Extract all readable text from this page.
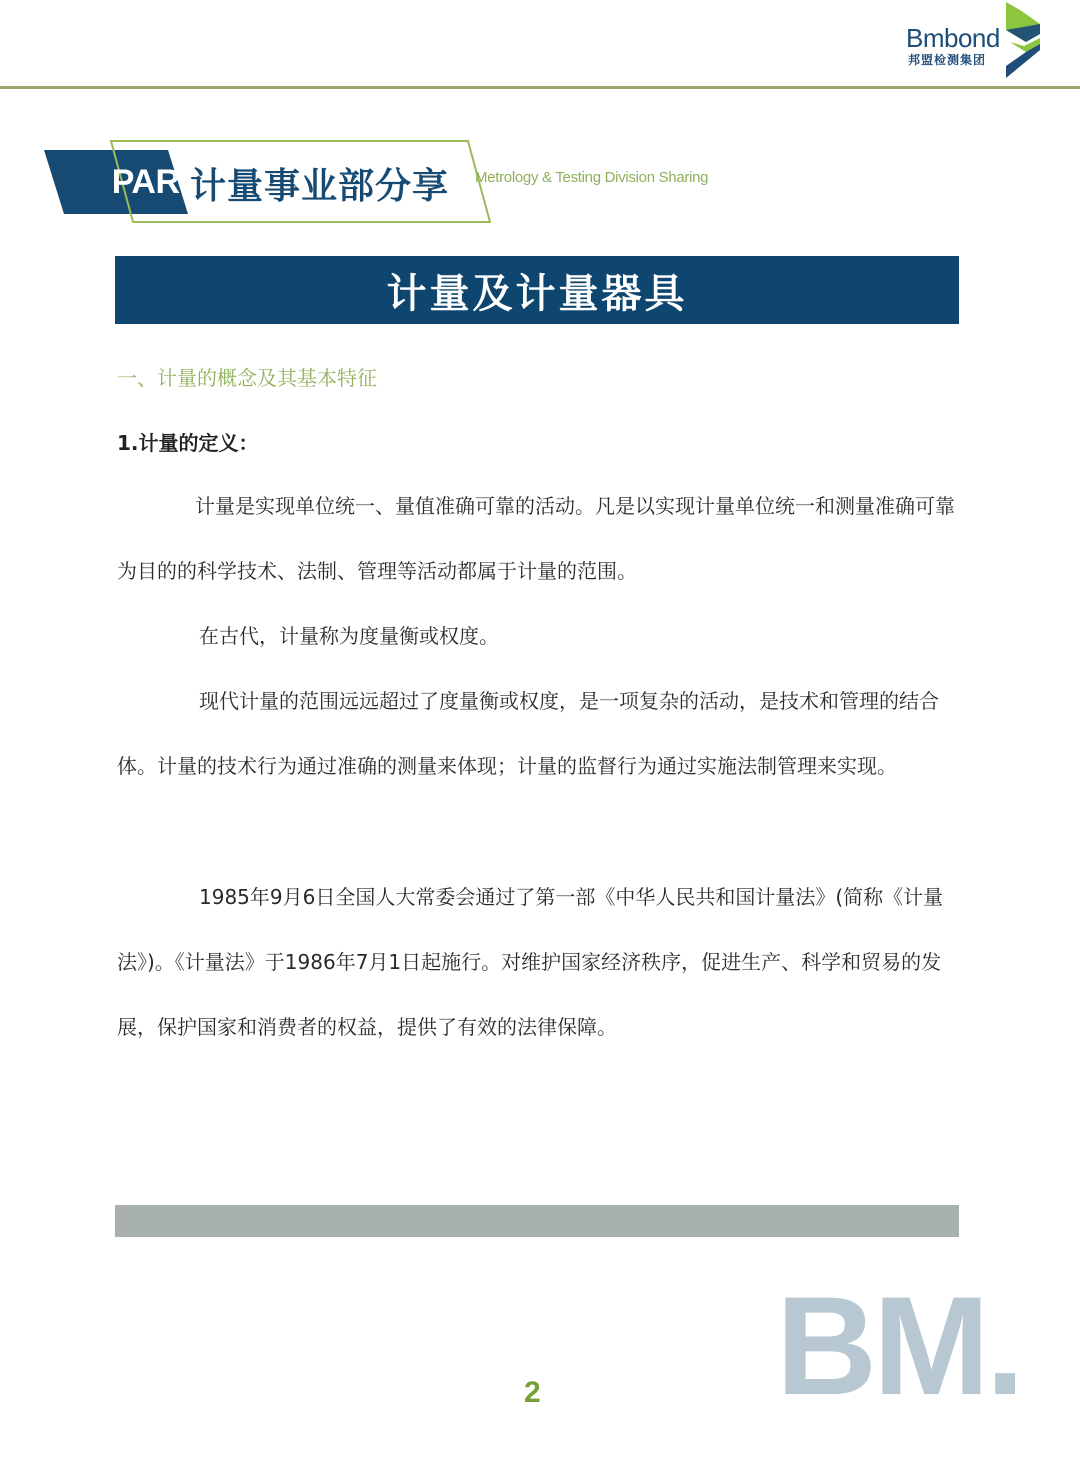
Bmbond
邦盟检测集团
PART2
计量事业部分享 Metrology & Testing Division Sharing
计量及计量器具
一、计量的概念及其基本特征
1.计量的定义：
计量是实现单位统一、量值准确可靠的活动。凡是以实现计量单位统一和测量准确可靠为目的的科学技术、法制、管理等活动都属于计量的范围。
在古代，计量称为度量衡或权度。
现代计量的范围远远超过了度量衡或权度，是一项复杂的活动，是技术和管理的结合体。计量的技术行为通过准确的测量来体现；计量的监督行为通过实施法制管理来实现。
1985年9月6日全国人大常委会通过了第一部《中华人民共和国计量法》(简称《计量法》)。《计量法》于1986年7月1日起施行。对维护国家经济秩序，促进生产、科学和贸易的发展，保护国家和消费者的权益，提供了有效的法律保障。
2 BM.
